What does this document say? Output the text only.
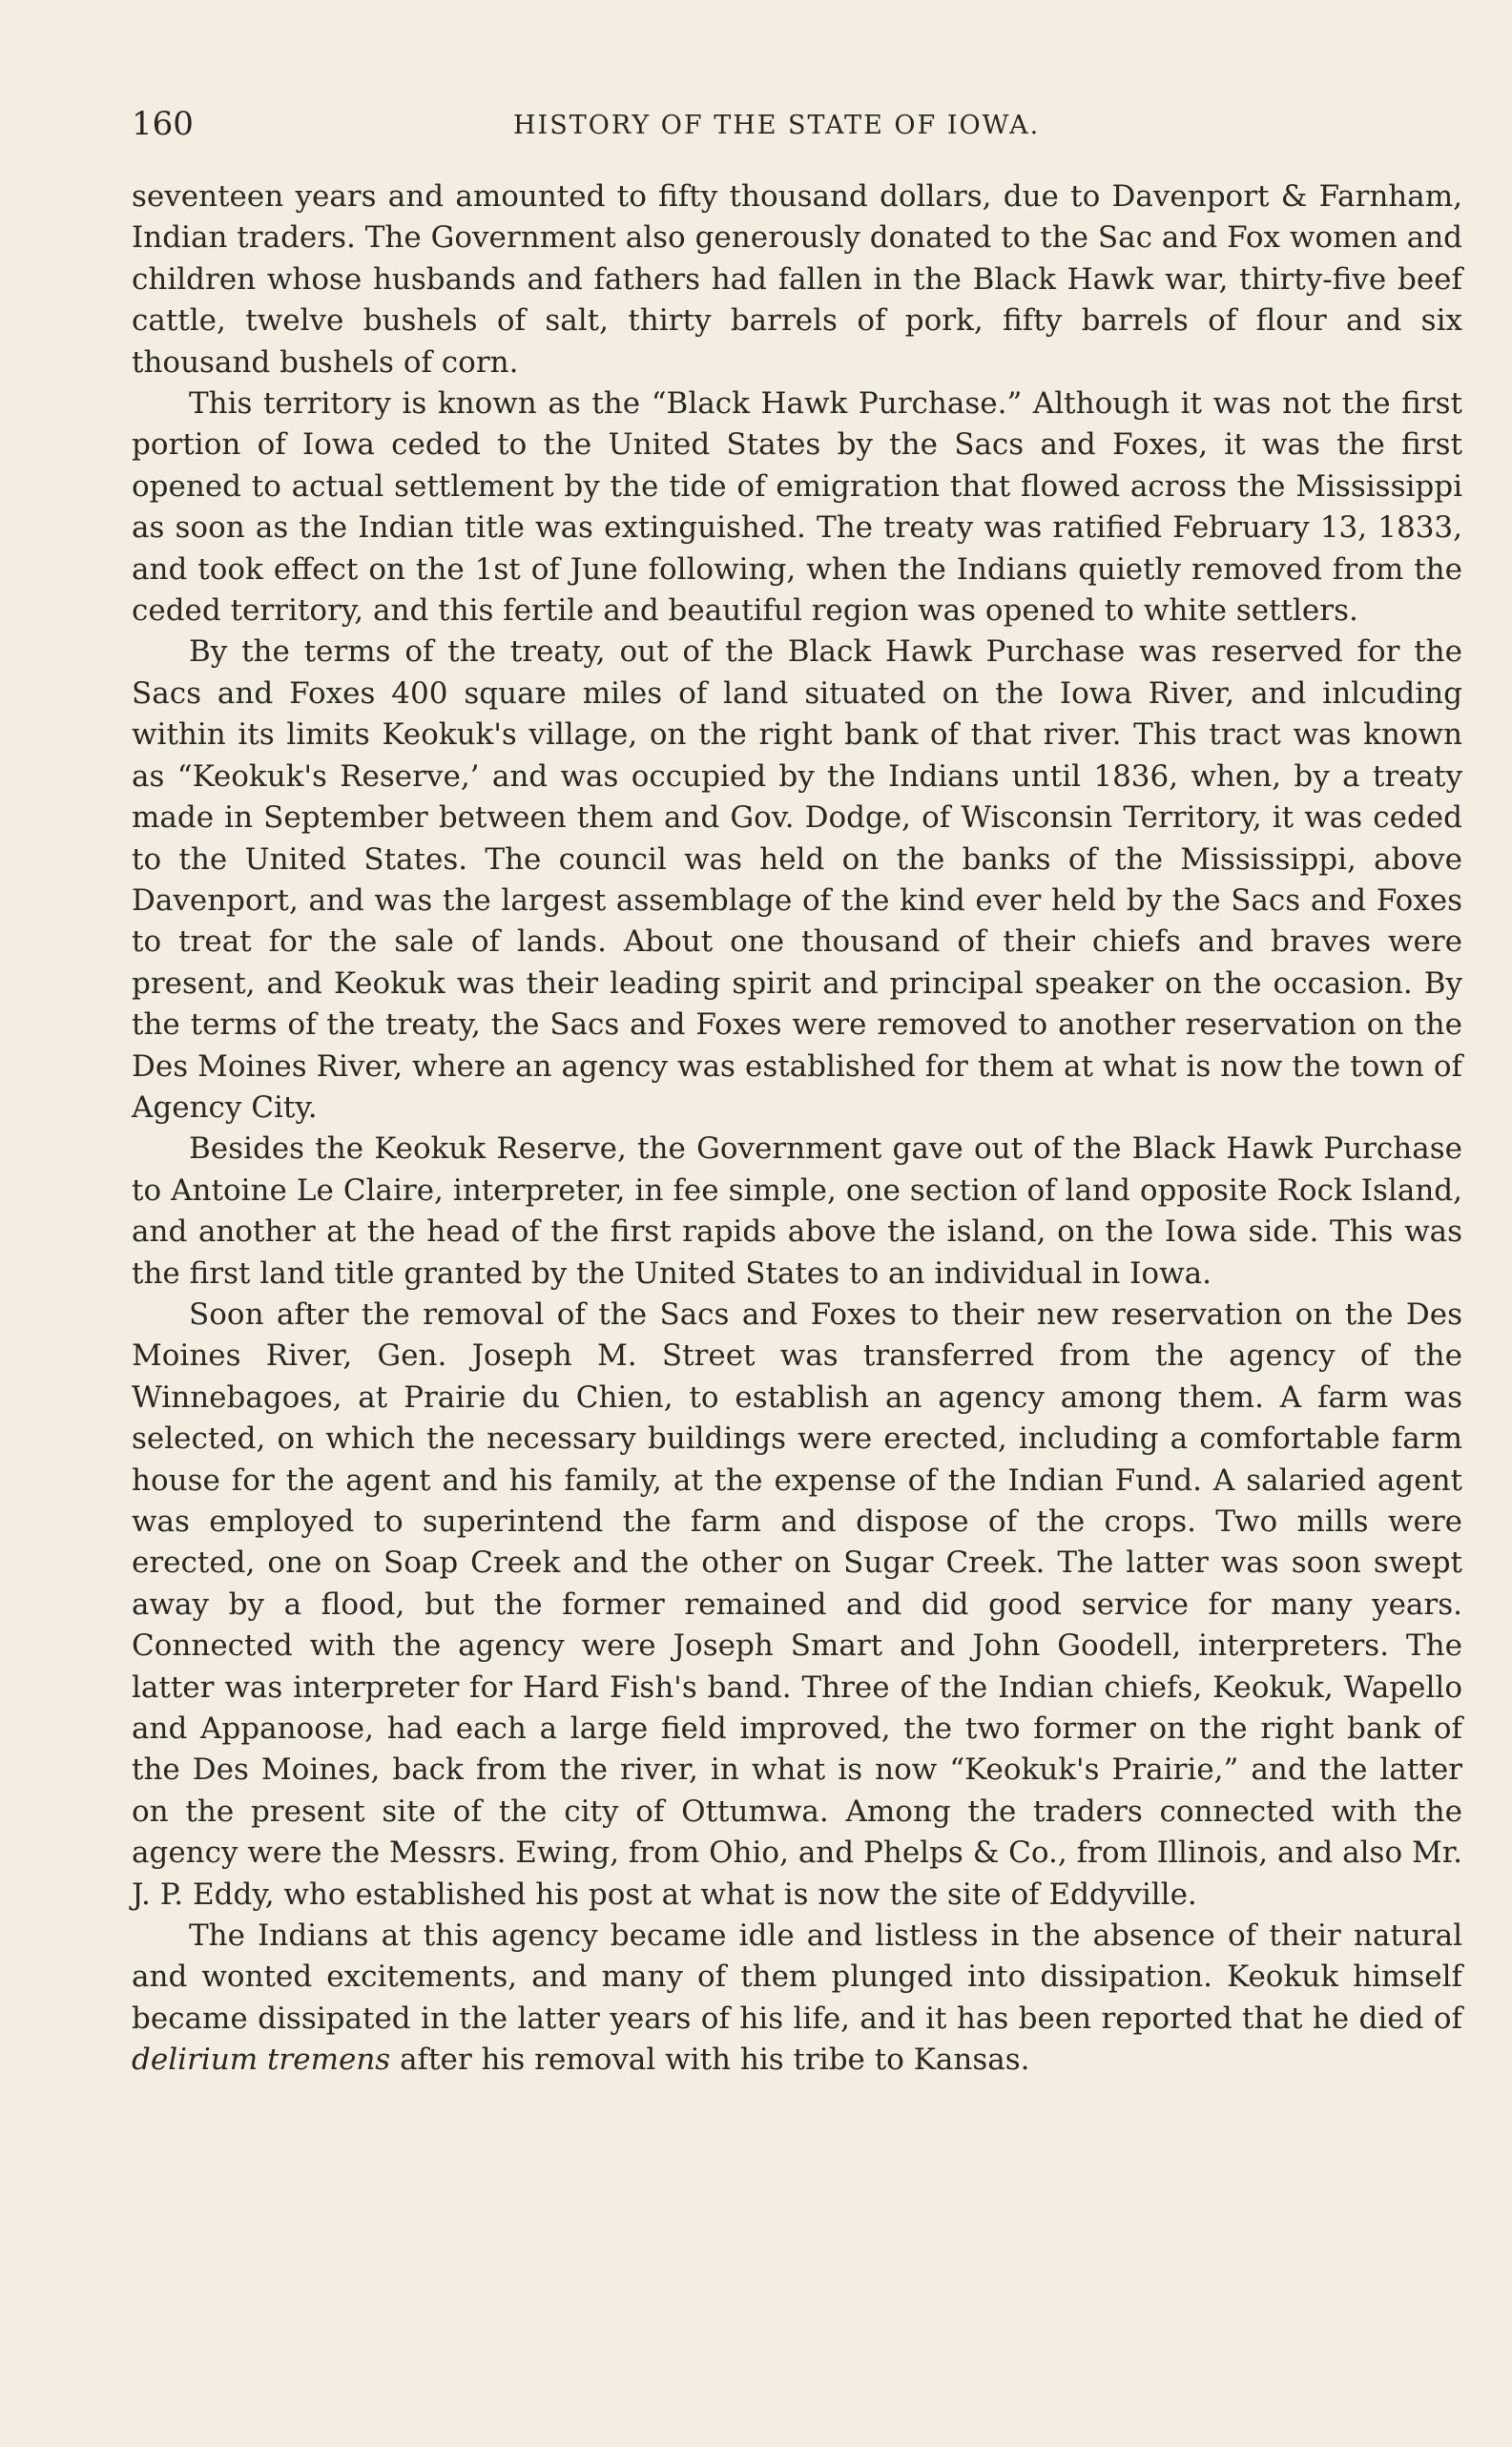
160	HISTORY OF THE STATE OF IOWA.

seventeen years and amounted to fifty thousand dollars, due to Davenport & Farnham, Indian traders. The Government also generously donated to the Sac and Fox women and children whose husbands and fathers had fallen in the Black Hawk war, thirty-five beef cattle, twelve bushels of salt, thirty barrels of pork, fifty barrels of flour and six thousand bushels of corn.

This territory is known as the “Black Hawk Purchase.” Although it was not the first portion of Iowa ceded to the United States by the Sacs and Foxes, it was the first opened to actual settlement by the tide of emigration that flowed across the Mississippi as soon as the Indian title was extinguished. The treaty was ratified February 13, 1833, and took effect on the 1st of June following, when the Indians quietly removed from the ceded territory, and this fertile and beautiful region was opened to white settlers.

By the terms of the treaty, out of the Black Hawk Purchase was reserved for the Sacs and Foxes 400 square miles of land situated on the Iowa River, and inlcuding within its limits Keokuk's village, on the right bank of that river. This tract was known as “Keokuk's Reserve,’ and was occupied by the Indians until 1836, when, by a treaty made in September between them and Gov. Dodge, of Wisconsin Territory, it was ceded to the United States. The council was held on the banks of the Mississippi, above Davenport, and was the largest assemblage of the kind ever held by the Sacs and Foxes to treat for the sale of lands. About one thousand of their chiefs and braves were present, and Keokuk was their leading spirit and principal speaker on the occasion. By the terms of the treaty, the Sacs and Foxes were removed to another reservation on the Des Moines River, where an agency was established for them at what is now the town of Agency City.

Besides the Keokuk Reserve, the Government gave out of the Black Hawk Purchase to Antoine Le Claire, interpreter, in fee simple, one section of land opposite Rock Island, and another at the head of the first rapids above the island, on the Iowa side. This was the first land title granted by the United States to an individual in Iowa.

Soon after the removal of the Sacs and Foxes to their new reservation on the Des Moines River, Gen. Joseph M. Street was transferred from the agency of the Winnebagoes, at Prairie du Chien, to establish an agency among them. A farm was selected, on which the necessary buildings were erected, including a comfortable farm house for the agent and his family, at the expense of the Indian Fund. A salaried agent was employed to superintend the farm and dispose of the crops. Two mills were erected, one on Soap Creek and the other on Sugar Creek. The latter was soon swept away by a flood, but the former remained and did good service for many years. Connected with the agency were Joseph Smart and John Goodell, interpreters. The latter was interpreter for Hard Fish's band. Three of the Indian chiefs, Keokuk, Wapello and Appanoose, had each a large field improved, the two former on the right bank of the Des Moines, back from the river, in what is now “Keokuk's Prairie,” and the latter on the present site of the city of Ottumwa. Among the traders connected with the agency were the Messrs. Ewing, from Ohio, and Phelps & Co., from Illinois, and also Mr. J. P. Eddy, who established his post at what is now the site of Eddyville.

The Indians at this agency became idle and listless in the absence of their natural and wonted excitements, and many of them plunged into dissipation. Keokuk himself became dissipated in the latter years of his life, and it has been reported that he died of delirium tremens after his removal with his tribe to Kansas.
